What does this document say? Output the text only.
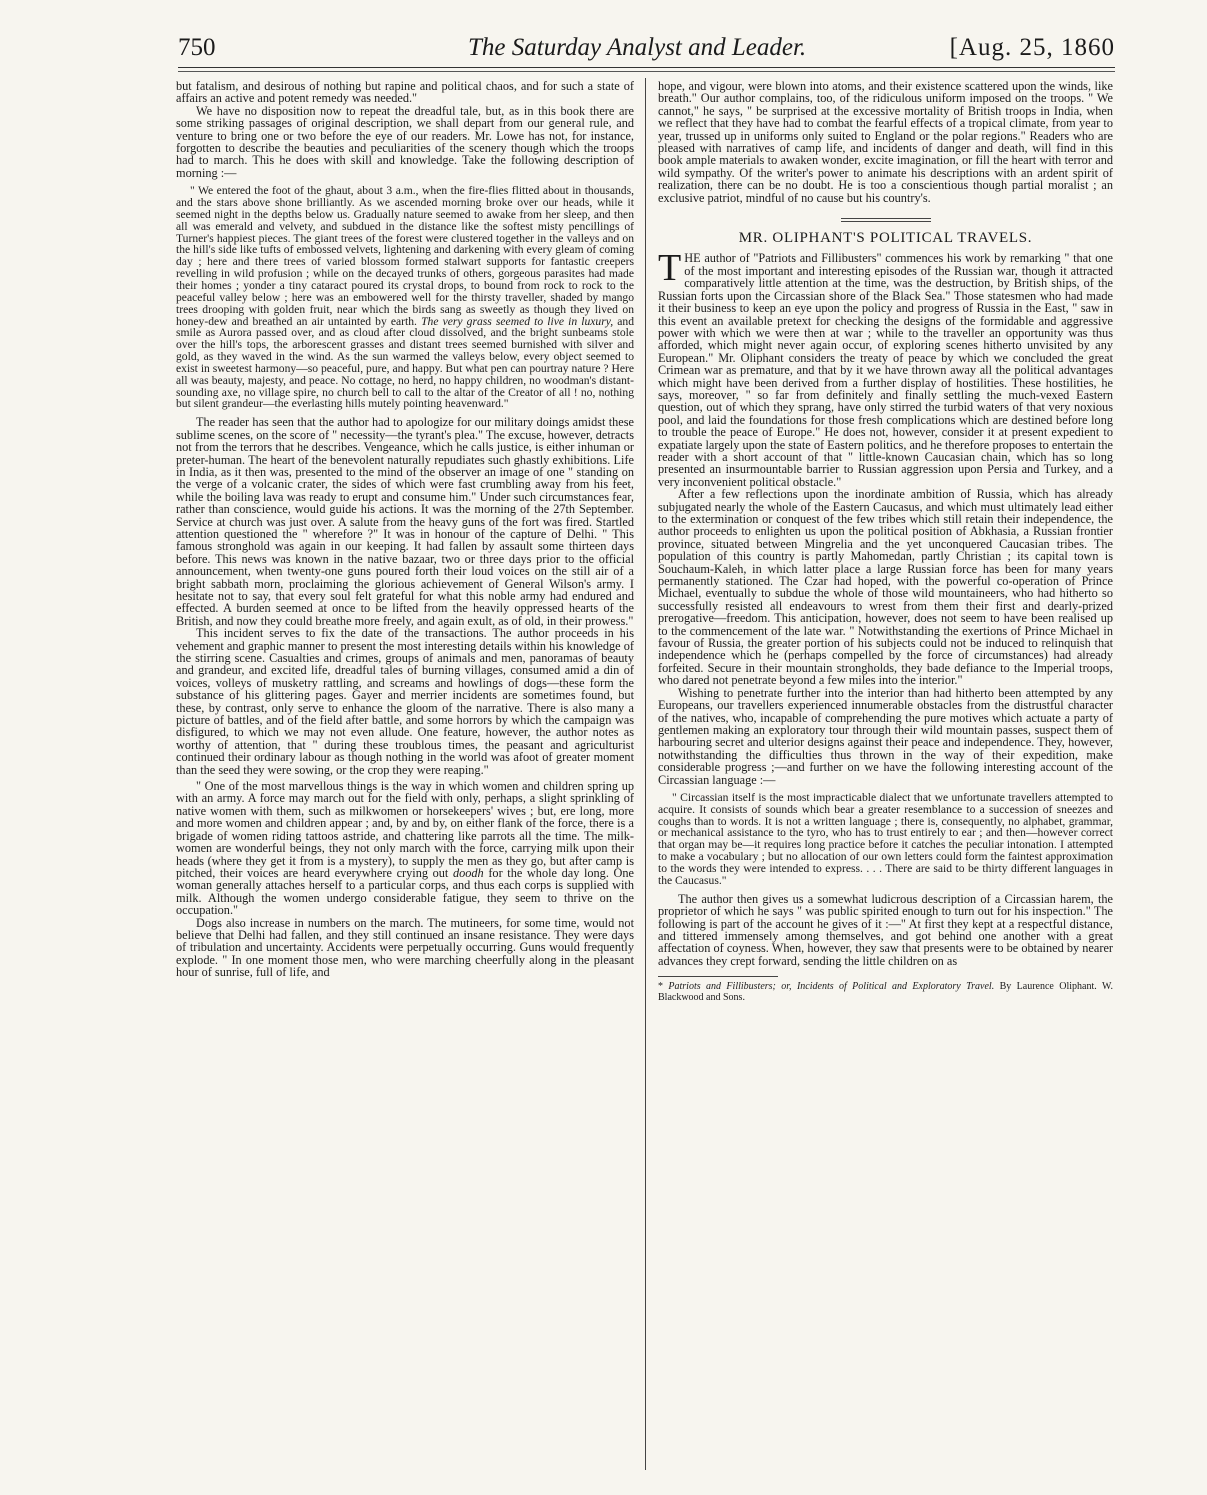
750	The Saturday Analyst and Leader.	[Aug. 25, 1860

but fatalism, and desirous of nothing but rapine and political chaos, and for such a state of affairs an active and potent remedy was needed."

We have no disposition now to repeat the dreadful tale, but, as in this book there are some striking passages of original description, we shall depart from our general rule, and venture to bring one or two before the eye of our readers. Mr. Lowe has not, for instance, forgotten to describe the beauties and peculiarities of the scenery though which the troops had to march. This he does with skill and knowledge. Take the following description of morning :—

" We entered the foot of the ghaut, about 3 a.m., when the fire-flies flitted about in thousands, and the stars above shone brilliantly. As we ascended morning broke over our heads, while it seemed night in the depths below us. Gradually nature seemed to awake from her sleep, and then all was emerald and velvety, and subdued in the distance like the softest misty pencillings of Turner's happiest pieces. The giant trees of the forest were clustered together in the valleys and on the hill's side like tufts of embossed velvets, lightening and darkening with every gleam of coming day ; here and there trees of varied blossom formed stalwart supports for fantastic creepers revelling in wild profusion ; while on the decayed trunks of others, gorgeous parasites had made their homes ; yonder a tiny cataract poured its crystal drops, to bound from rock to rock to the peaceful valley below ; here was an embowered well for the thirsty traveller, shaded by mango trees drooping with golden fruit, near which the birds sang as sweetly as though they lived on honey-dew and breathed an air untainted by earth. The very grass seemed to live in luxury, and smile as Aurora passed over, and as cloud after cloud dissolved, and the bright sunbeams stole over the hill's tops, the arborescent grasses and distant trees seemed burnished with silver and gold, as they waved in the wind. As the sun warmed the valleys below, every object seemed to exist in sweetest harmony—so peaceful, pure, and happy. But what pen can pourtray nature ? Here all was beauty, majesty, and peace. No cottage, no herd, no happy children, no woodman's distant-sounding axe, no village spire, no church bell to call to the altar of the Creator of all ! no, nothing but silent grandeur—the everlasting hills mutely pointing heavenward."

The reader has seen that the author had to apologize for our military doings amidst these sublime scenes, on the score of " necessity—the tyrant's plea." The excuse, however, detracts not from the terrors that he describes. Vengeance, which he calls justice, is either inhuman or preter-human. The heart of the benevolent naturally repudiates such ghastly exhibitions. Life in India, as it then was, presented to the mind of the observer an image of one " standing on the verge of a volcanic crater, the sides of which were fast crumbling away from his feet, while the boiling lava was ready to erupt and consume him." Under such circumstances fear, rather than conscience, would guide his actions. It was the morning of the 27th September. Service at church was just over. A salute from the heavy guns of the fort was fired. Startled attention questioned the " wherefore ?" It was in honour of the capture of Delhi. " This famous stronghold was again in our keeping. It had fallen by assault some thirteen days before. This news was known in the native bazaar, two or three days prior to the official announcement, when twenty-one guns poured forth their loud voices on the still air of a bright sabbath morn, proclaiming the glorious achievement of General Wilson's army. I hesitate not to say, that every soul felt grateful for what this noble army had endured and effected. A burden seemed at once to be lifted from the heavily oppressed hearts of the British, and now they could breathe more freely, and again exult, as of old, in their prowess."

This incident serves to fix the date of the transactions. The author proceeds in his vehement and graphic manner to present the most interesting details within his knowledge of the stirring scene. Casualties and crimes, groups of animals and men, panoramas of beauty and grandeur, and excited life, dreadful tales of burning villages, consumed amid a din of voices, volleys of musketry rattling, and screams and howlings of dogs—these form the substance of his glittering pages. Gayer and merrier incidents are sometimes found, but these, by contrast, only serve to enhance the gloom of the narrative. There is also many a picture of battles, and of the field after battle, and some horrors by which the campaign was disfigured, to which we may not even allude. One feature, however, the author notes as worthy of attention, that " during these troublous times, the peasant and agriculturist continued their ordinary labour as though nothing in the world was afoot of greater moment than the seed they were sowing, or the crop they were reaping."

" One of the most marvellous things is the way in which women and children spring up with an army. A force may march out for the field with only, perhaps, a slight sprinkling of native women with them, such as milkwomen or horsekeepers' wives ; but, ere long, more and more women and children appear ; and, by and by, on either flank of the force, there is a brigade of women riding tattoos astride, and chattering like parrots all the time. The milk-women are wonderful beings, they not only march with the force, carrying milk upon their heads (where they get it from is a mystery), to supply the men as they go, but after camp is pitched, their voices are heard everywhere crying out doodh for the whole day long. One woman generally attaches herself to a particular corps, and thus each corps is supplied with milk. Although the women undergo considerable fatigue, they seem to thrive on the occupation."

Dogs also increase in numbers on the march. The mutineers, for some time, would not believe that Delhi had fallen, and they still continued an insane resistance. They were days of tribulation and uncertainty. Accidents were perpetually occurring. Guns would frequently explode. " In one moment those men, who were marching cheerfully along in the pleasant hour of sunrise, full of life, and

hope, and vigour, were blown into atoms, and their existence scattered upon the winds, like breath." Our author complains, too, of the ridiculous uniform imposed on the troops. " We cannot," he says, " be surprised at the excessive mortality of British troops in India, when we reflect that they have had to combat the fearful effects of a tropical climate, from year to year, trussed up in uniforms only suited to England or the polar regions." Readers who are pleased with narratives of camp life, and incidents of danger and death, will find in this book ample materials to awaken wonder, excite imagination, or fill the heart with terror and wild sympathy. Of the writer's power to animate his descriptions with an ardent spirit of realization, there can be no doubt. He is too a conscientious though partial moralist ; an exclusive patriot, mindful of no cause but his country's.

MR. OLIPHANT'S POLITICAL TRAVELS.

THE author of "Patriots and Fillibusters" commences his work by remarking " that one of the most important and interesting episodes of the Russian war, though it attracted comparatively little attention at the time, was the destruction, by British ships, of the Russian forts upon the Circassian shore of the Black Sea." Those statesmen who had made it their business to keep an eye upon the policy and progress of Russia in the East, " saw in this event an available pretext for checking the designs of the formidable and aggressive power with which we were then at war ; while to the traveller an opportunity was thus afforded, which might never again occur, of exploring scenes hitherto unvisited by any European." Mr. Oliphant considers the treaty of peace by which we concluded the great Crimean war as premature, and that by it we have thrown away all the political advantages which might have been derived from a further display of hostilities. These hostilities, he says, moreover, " so far from definitely and finally settling the much-vexed Eastern question, out of which they sprang, have only stirred the turbid waters of that very noxious pool, and laid the foundations for those fresh complications which are destined before long to trouble the peace of Europe." He does not, however, consider it at present expedient to expatiate largely upon the state of Eastern politics, and he therefore proposes to entertain the reader with a short account of that " little-known Caucasian chain, which has so long presented an insurmountable barrier to Russian aggression upon Persia and Turkey, and a very inconvenient political obstacle."

After a few reflections upon the inordinate ambition of Russia, which has already subjugated nearly the whole of the Eastern Caucasus, and which must ultimately lead either to the extermination or conquest of the few tribes which still retain their independence, the author proceeds to enlighten us upon the political position of Abkhasia, a Russian frontier province, situated between Mingrelia and the yet unconquered Caucasian tribes. The population of this country is partly Mahomedan, partly Christian ; its capital town is Souchaum-Kaleh, in which latter place a large Russian force has been for many years permanently stationed. The Czar had hoped, with the powerful co-operation of Prince Michael, eventually to subdue the whole of those wild mountaineers, who had hitherto so successfully resisted all endeavours to wrest from them their first and dearly-prized prerogative—freedom. This anticipation, however, does not seem to have been realised up to the commencement of the late war. " Notwithstanding the exertions of Prince Michael in favour of Russia, the greater portion of his subjects could not be induced to relinquish that independence which he (perhaps compelled by the force of circumstances) had already forfeited. Secure in their mountain strongholds, they bade defiance to the Imperial troops, who dared not penetrate beyond a few miles into the interior."

Wishing to penetrate further into the interior than had hitherto been attempted by any Europeans, our travellers experienced innumerable obstacles from the distrustful character of the natives, who, incapable of comprehending the pure motives which actuate a party of gentlemen making an exploratory tour through their wild mountain passes, suspect them of harbouring secret and ulterior designs against their peace and independence. They, however, notwithstanding the difficulties thus thrown in the way of their expedition, make considerable progress ;—and further on we have the following interesting account of the Circassian language :—

" Circassian itself is the most impracticable dialect that we unfortunate travellers attempted to acquire. It consists of sounds which bear a greater resemblance to a succession of sneezes and coughs than to words. It is not a written language ; there is, consequently, no alphabet, grammar, or mechanical assistance to the tyro, who has to trust entirely to ear ; and then—however correct that organ may be—it requires long practice before it catches the peculiar intonation. I attempted to make a vocabulary ; but no allocation of our own letters could form the faintest approximation to the words they were intended to express. . . . There are said to be thirty different languages in the Caucasus."

The author then gives us a somewhat ludicrous description of a Circassian harem, the proprietor of which he says " was public spirited enough to turn out for his inspection." The following is part of the account he gives of it :—" At first they kept at a respectful distance, and tittered immensely among themselves, and got behind one another with a great affectation of coyness. When, however, they saw that presents were to be obtained by nearer advances they crept forward, sending the little children on as

* Patriots and Fillibusters; or, Incidents of Political and Exploratory Travel. By Laurence Oliphant. W. Blackwood and Sons.
